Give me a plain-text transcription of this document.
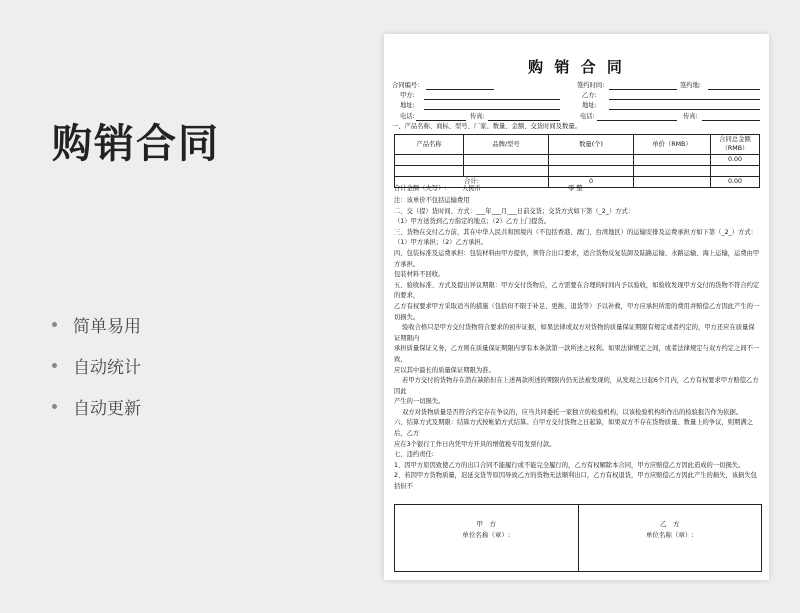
购销合同
简单易用
自动统计
自动更新
购 销 合 同
合同编号：	签约时间:	签约地:
甲方:	乙方:
地址:	地址:
电话:	传真:	电话:	传真:
一、产品名称、商标、型号、厂家、数量、金额、交货时间及数量。
产品名称	品牌/型号	数量(个)	单价（RMB）	合同总金额（RMB）
				0.00

合计:		0		0.00
合计金额（大写）: 人民币	零 整

注：该单价不包括运输费用

二、交（提）货时间、方式：___年___月___日前交货；交货方式如下第（_2_）方式：

（1）甲方送货到乙方指定的地点；（2）乙方上门提货。

三、货物在交付乙方前，其在中华人民共和国境内（不包括香港、澳门、台湾地区）的运输安排及运费承担方如下第（_2_）方式：

（1）甲方承担；（2）乙方承担。

四、包装标准及运费承担：包装材料由甲方提供，须符合出口要求，适合货物反复装卸及陆路运输、水路运输、海上运输，运费由甲方承担。

包装材料不回收。

五、验收标准、方式及提出异议期限：甲方交付货物后，乙方需要在合理的时间内予以验收，如验收发现甲方交付的货物不符合约定的要求，

乙方有权要求甲方采取适当的措施（包括但不限于补足、更换、退货等）予以补救，甲方应承担所需的费用并赔偿乙方因此产生的一切损失。

验收合格只是甲方交付货物符合要求的初步证据，如果法律或双方对货物的质量保证期限有规定或者约定的，甲方还应在质量保证期限内

承担质量保证义务，乙方则在质量保证期限内享有本条款第一款所述之权利。如果法律规定之间，或者法律规定与双方约定之间不一致，

应以其中最长的质量保证期限为准。

若甲方交付的货物存在潜在缺陷但在上述两款所述的期限内仍无法被发现的，从发现之日起6个月内，乙方有权要求甲方赔偿乙方因此

产生的一切损失。

双方对货物质量是否符合约定存在争议的，应当共同委托一家独立的检验机构，以该检验机构所作出的检验报告作为依据。

六、结算方式及期限：结算方式按帐销方式结算。自甲方交付货物之日起算，如果双方不存在货物质量、数量上的争议，则期满之后，乙方

应在3个银行工作日内凭甲方开具的增值税专用发票付款。

七、违约责任:

1、因甲方原因致使乙方的出口合同不能履行或不能完全履行的，乙方有权解除本合同，甲方应赔偿乙方因此造成的一切损失。

2、若因甲方货物质量，迟延交货等原因导致乙方的货物无法顺利出口，乙方有权退货，甲方应赔偿乙方因此产生的损失，该损失包括但不

甲　方
单位名称（章）:
乙　方
单位名称（章）:
